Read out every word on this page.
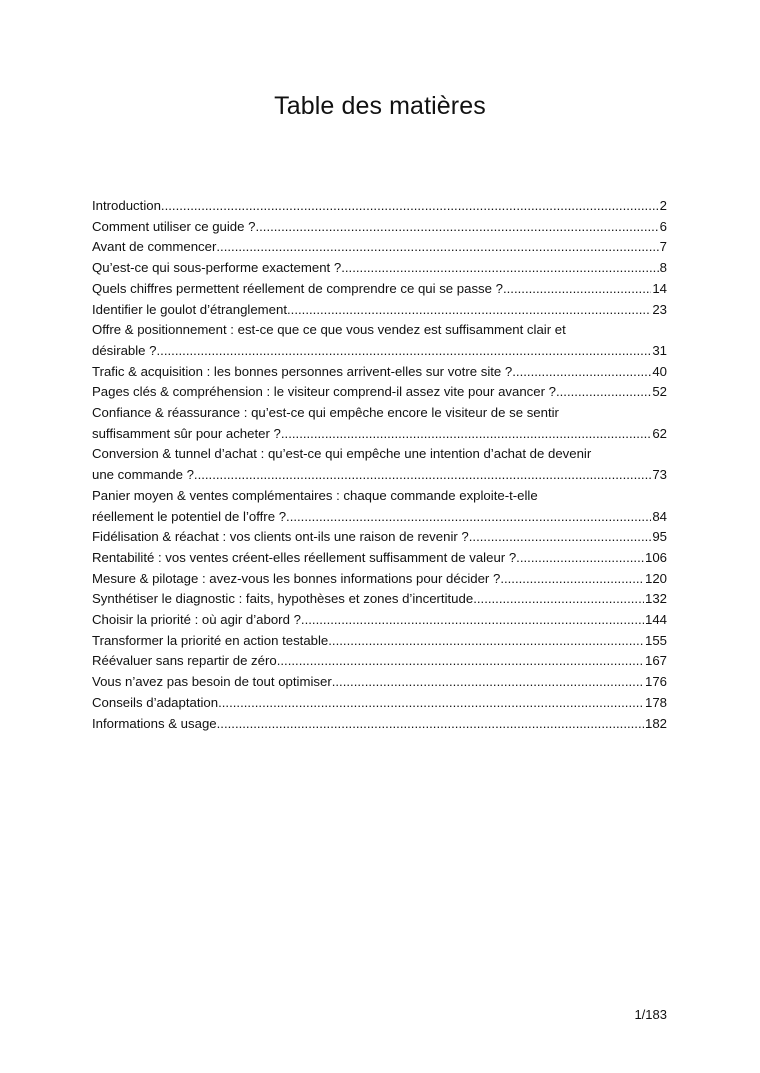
Table des matières
Introduction .....	2
Comment utiliser ce guide ? .....	6
Avant de commencer .....	7
Qu’est-ce qui sous-performe exactement ? .....	8
Quels chiffres permettent réellement de comprendre ce qui se passe ? .....	14
Identifier le goulot d’étranglement .....	23
Offre & positionnement : est-ce que ce que vous vendez est suffisamment clair et
désirable ? .....	31
Trafic & acquisition : les bonnes personnes arrivent-elles sur votre site ? .....	40
Pages clés & compréhension : le visiteur comprend-il assez vite pour avancer ? .....	52
Confiance & réassurance : qu’est-ce qui empêche encore le visiteur de se sentir
suffisamment sûr pour acheter ? .....	62
Conversion & tunnel d’achat : qu’est-ce qui empêche une intention d’achat de devenir
une commande ? .....	73
Panier moyen & ventes complémentaires : chaque commande exploite-t-elle
réellement le potentiel de l’offre ? .....	84
Fidélisation & réachat : vos clients ont-ils une raison de revenir ? .....	95
Rentabilité : vos ventes créent-elles réellement suffisamment de valeur ? .....	106
Mesure & pilotage : avez-vous les bonnes informations pour décider ? .....	120
Synthétiser le diagnostic : faits, hypothèses et zones d’incertitude .....	132
Choisir la priorité : où agir d’abord ? .....	144
Transformer la priorité en action testable .....	155
Réévaluer sans repartir de zéro .....	167
Vous n’avez pas besoin de tout optimiser .....	176
Conseils d’adaptation .....	178
Informations & usage .....	182
1/183
